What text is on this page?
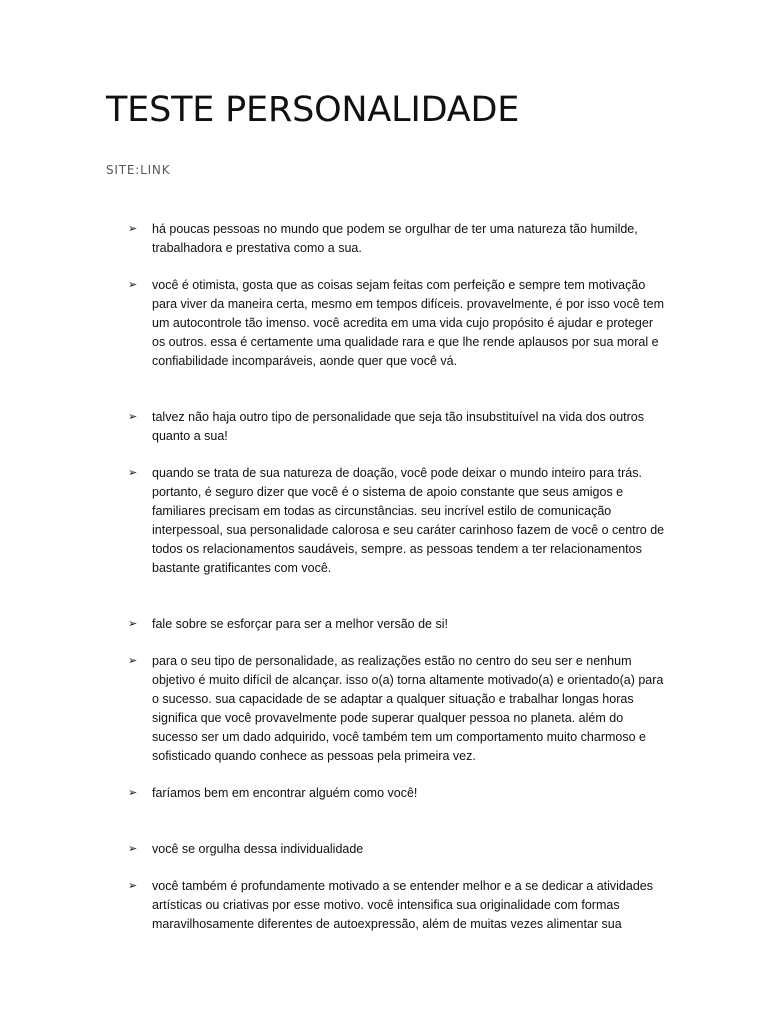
TESTE PERSONALIDADE

SITE:LINK

➢ há poucas pessoas no mundo que podem se orgulhar de ter uma natureza tão humilde, trabalhadora e prestativa como a sua.
➢ você é otimista, gosta que as coisas sejam feitas com perfeição e sempre tem motivação para viver da maneira certa, mesmo em tempos difíceis. provavelmente, é por isso você tem um autocontrole tão imenso. você acredita em uma vida cujo propósito é ajudar e proteger os outros. essa é certamente uma qualidade rara e que lhe rende aplausos por sua moral e confiabilidade incomparáveis, aonde quer que você vá.
➢ talvez não haja outro tipo de personalidade que seja tão insubstituível na vida dos outros quanto a sua!
➢ quando se trata de sua natureza de doação, você pode deixar o mundo inteiro para trás. portanto, é seguro dizer que você é o sistema de apoio constante que seus amigos e familiares precisam em todas as circunstâncias. seu incrível estilo de comunicação interpessoal, sua personalidade calorosa e seu caráter carinhoso fazem de você o centro de todos os relacionamentos saudáveis, sempre. as pessoas tendem a ter relacionamentos bastante gratificantes com você.
➢ fale sobre se esforçar para ser a melhor versão de si!
➢ para o seu tipo de personalidade, as realizações estão no centro do seu ser e nenhum objetivo é muito difícil de alcançar. isso o(a) torna altamente motivado(a) e orientado(a) para o sucesso. sua capacidade de se adaptar a qualquer situação e trabalhar longas horas significa que você provavelmente pode superar qualquer pessoa no planeta. além do sucesso ser um dado adquirido, você também tem um comportamento muito charmoso e sofisticado quando conhece as pessoas pela primeira vez.
➢ faríamos bem em encontrar alguém como você!
➢ você se orgulha dessa individualidade
➢ você também é profundamente motivado a se entender melhor e a se dedicar a atividades artísticas ou criativas por esse motivo. você intensifica sua originalidade com formas maravilhosamente diferentes de autoexpressão, além de muitas vezes alimentar sua
